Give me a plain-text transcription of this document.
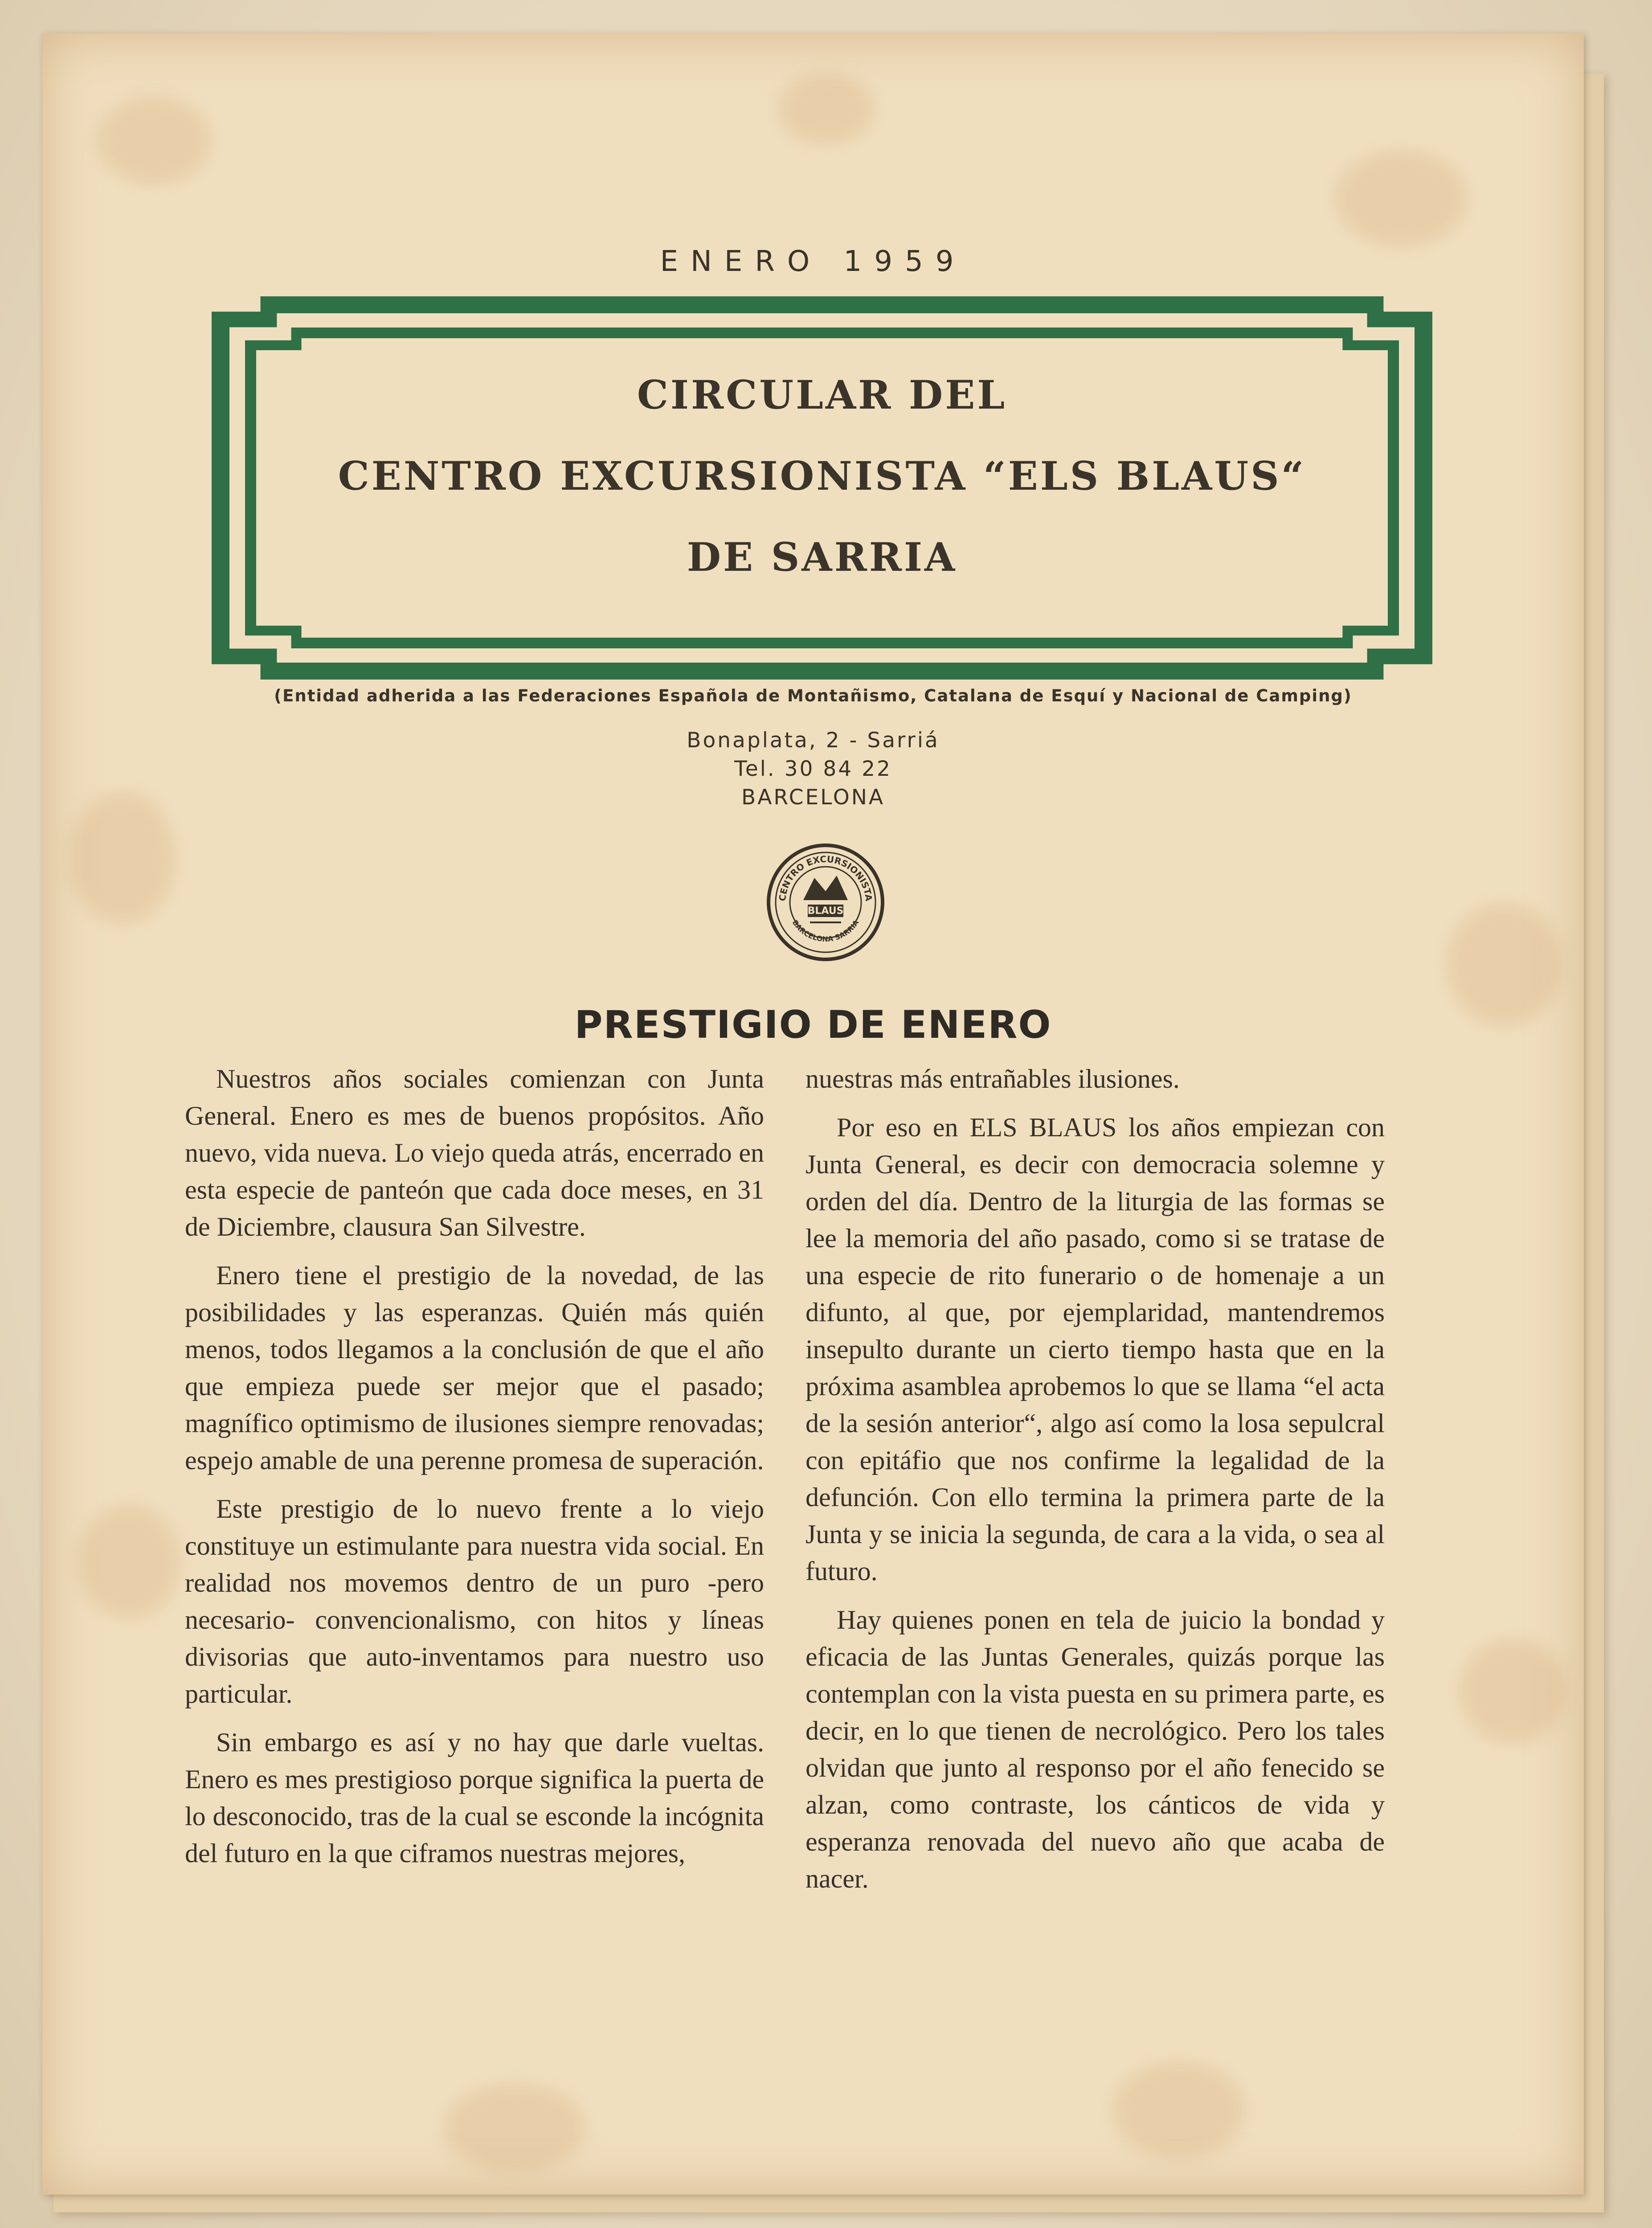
ENERO 1959
CIRCULAR DEL
CENTRO EXCURSIONISTA “ELS BLAUS“
DE SARRIA
(Entidad adherida a las Federaciones Española de Montañismo, Catalana de Esquí y Nacional de Camping)
Bonaplata, 2 - Sarriá
Tel. 30 84 22
BARCELONA
CENTRO EXCURSIONISTA
BARCELONA SARRIA
BLAUS
PRESTIGIO DE ENERO

Nuestros años sociales comienzan con Junta General. Enero es mes de buenos propósitos. Año nuevo, vida nueva. Lo viejo queda atrás, encerrado en esta especie de panteón que cada doce meses, en 31 de Diciembre, clausura San Silvestre.

Enero tiene el prestigio de la novedad, de las posibilidades y las esperanzas. Quién más quién menos, todos llegamos a la conclusión de que el año que empieza puede ser mejor que el pasado; magnífico optimismo de ilusiones siempre renovadas; espejo amable de una perenne promesa de superación.

Este prestigio de lo nuevo frente a lo viejo constituye un estimulante para nuestra vida social. En realidad nos movemos dentro de un puro -pero necesario- convencionalismo, con hitos y líneas divisorias que auto-inventamos para nuestro uso particular.

Sin embargo es así y no hay que darle vueltas. Enero es mes prestigioso porque significa la puerta de lo desconocido, tras de la cual se esconde la incógnita del futuro en la que ciframos nuestras mejores,

nuestras más entrañables ilusiones.

Por eso en ELS BLAUS los años empiezan con Junta General, es decir con democracia solemne y orden del día. Dentro de la liturgia de las formas se lee la memoria del año pasado, como si se tratase de una especie de rito funerario o de homenaje a un difunto, al que, por ejemplaridad, mantendremos insepulto durante un cierto tiempo hasta que en la próxima asamblea aprobemos lo que se llama “el acta de la sesión anterior“, algo así como la losa sepulcral con epitáfio que nos confirme la legalidad de la defunción. Con ello termina la primera parte de la Junta y se inicia la segunda, de cara a la vida, o sea al futuro.

Hay quienes ponen en tela de juicio la bondad y eficacia de las Juntas Generales, quizás porque las contemplan con la vista puesta en su primera parte, es decir, en lo que tienen de necrológico. Pero los tales olvidan que junto al responso por el año fenecido se alzan, como contraste, los cánticos de vida y esperanza renovada del nuevo año que acaba de nacer.
